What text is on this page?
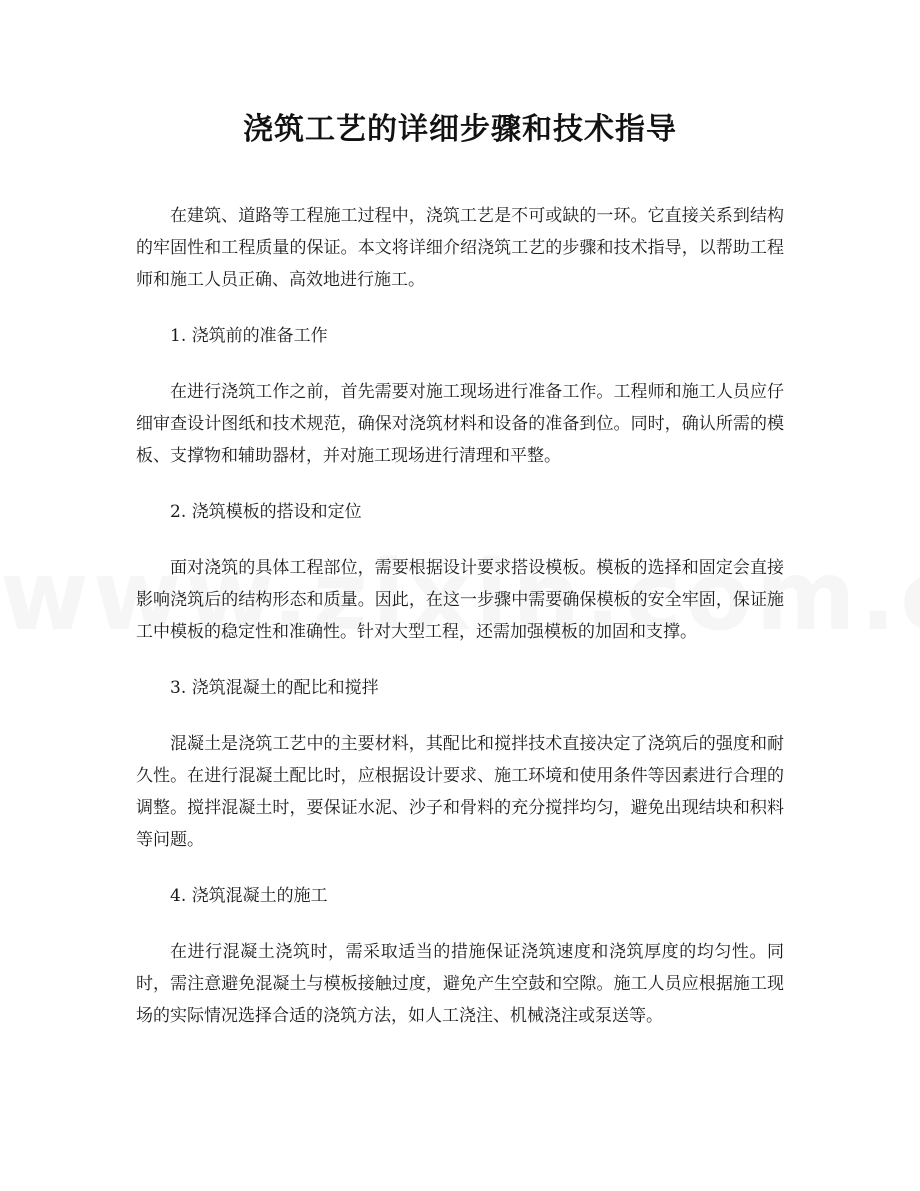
浇筑工艺的详细步骤和技术指导

在建筑、道路等工程施工过程中，浇筑工艺是不可或缺的一环。它直接关系到结构的牢固性和工程质量的保证。本文将详细介绍浇筑工艺的步骤和技术指导，以帮助工程师和施工人员正确、高效地进行施工。

1. 浇筑前的准备工作

在进行浇筑工作之前，首先需要对施工现场进行准备工作。工程师和施工人员应仔细审查设计图纸和技术规范，确保对浇筑材料和设备的准备到位。同时，确认所需的模板、支撑物和辅助器材，并对施工现场进行清理和平整。

2. 浇筑模板的搭设和定位

面对浇筑的具体工程部位，需要根据设计要求搭设模板。模板的选择和固定会直接影响浇筑后的结构形态和质量。因此，在这一步骤中需要确保模板的安全牢固，保证施工中模板的稳定性和准确性。针对大型工程，还需加强模板的加固和支撑。

3. 浇筑混凝土的配比和搅拌

混凝土是浇筑工艺中的主要材料，其配比和搅拌技术直接决定了浇筑后的强度和耐久性。在进行混凝土配比时，应根据设计要求、施工环境和使用条件等因素进行合理的调整。搅拌混凝土时，要保证水泥、沙子和骨料的充分搅拌均匀，避免出现结块和积料等问题。

4. 浇筑混凝土的施工

在进行混凝土浇筑时，需采取适当的措施保证浇筑速度和浇筑厚度的均匀性。同时，需注意避免混凝土与模板接触过度，避免产生空鼓和空隙。施工人员应根据施工现场的实际情况选择合适的浇筑方法，如人工浇注、机械浇注或泵送等。
